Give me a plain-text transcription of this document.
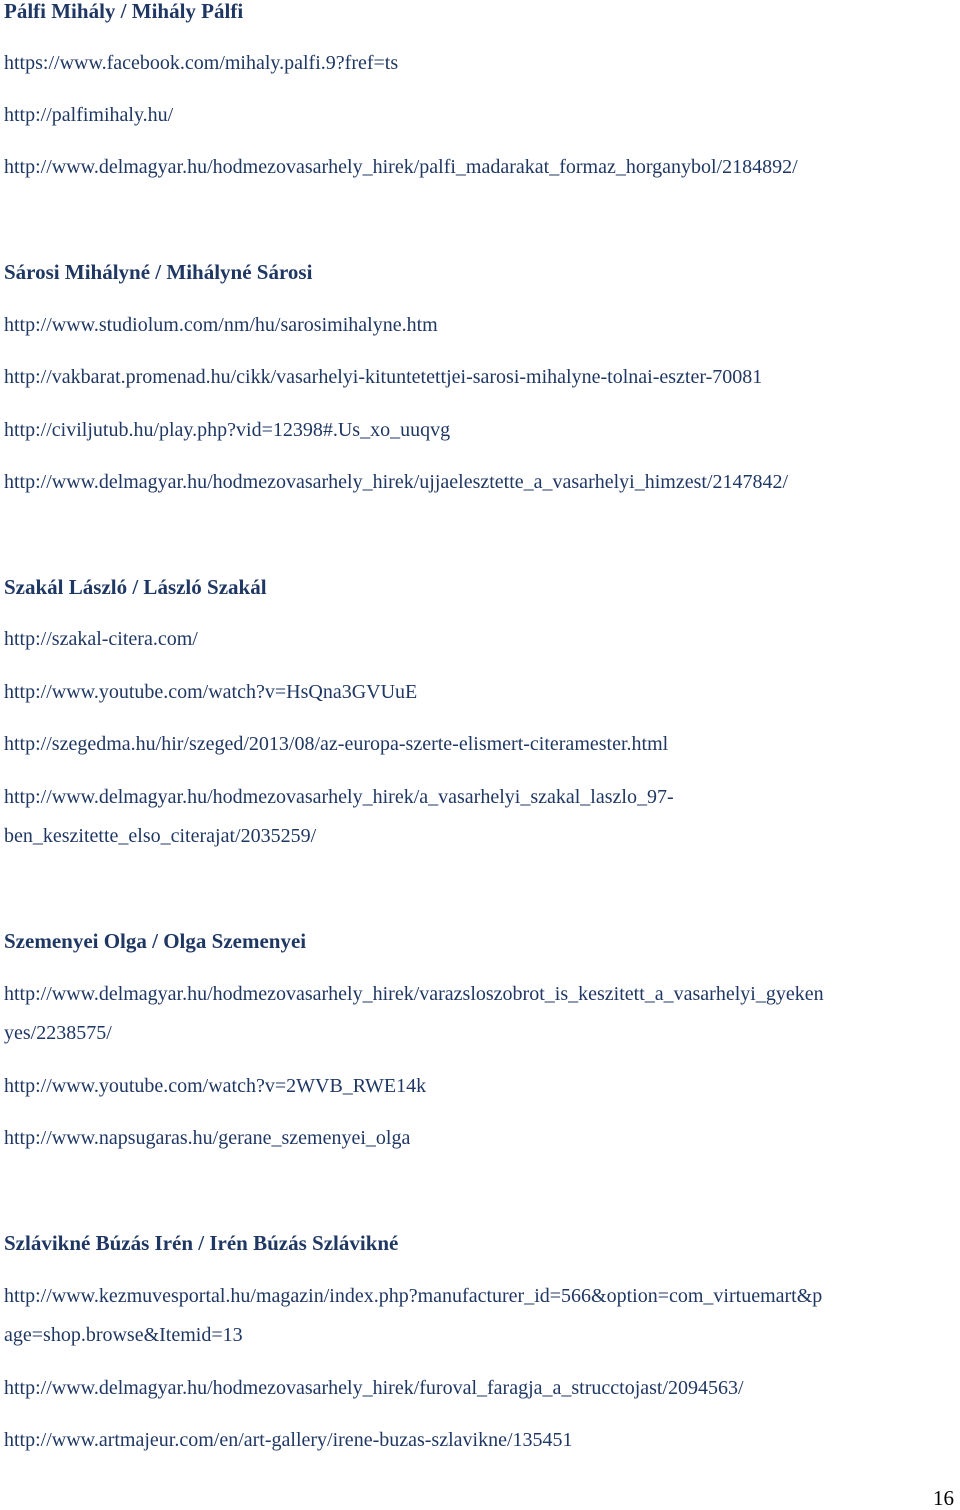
Pálfi Mihály / Mihály Pálfi
https://www.facebook.com/mihaly.palfi.9?fref=ts
http://palfimihaly.hu/
http://www.delmagyar.hu/hodmezovasarhely_hirek/palfi_madarakat_formaz_horganybol/2184892/
Sárosi Mihályné / Mihályné Sárosi
http://www.studiolum.com/nm/hu/sarosimihalyne.htm
http://vakbarat.promenad.hu/cikk/vasarhelyi-kituntetettjei-sarosi-mihalyne-tolnai-eszter-70081
http://civiljutub.hu/play.php?vid=12398#.Us_xo_uuqvg
http://www.delmagyar.hu/hodmezovasarhely_hirek/ujjaelesztette_a_vasarhelyi_himzest/2147842/
Szakál László / László Szakál
http://szakal-citera.com/
http://www.youtube.com/watch?v=HsQna3GVUuE
http://szegedma.hu/hir/szeged/2013/08/az-europa-szerte-elismert-citeramester.html
http://www.delmagyar.hu/hodmezovasarhely_hirek/a_vasarhelyi_szakal_laszlo_97-
ben_keszitette_elso_citerajat/2035259/
Szemenyei Olga / Olga Szemenyei
http://www.delmagyar.hu/hodmezovasarhely_hirek/varazsloszobrot_is_keszitett_a_vasarhelyi_gyeken
yes/2238575/
http://www.youtube.com/watch?v=2WVB_RWE14k
http://www.napsugaras.hu/gerane_szemenyei_olga
Szlávikné Búzás Irén / Irén Búzás Szlávikné
http://www.kezmuvesportal.hu/magazin/index.php?manufacturer_id=566&option=com_virtuemart&p
age=shop.browse&Itemid=13
http://www.delmagyar.hu/hodmezovasarhely_hirek/furoval_faragja_a_strucctojast/2094563/
http://www.artmajeur.com/en/art-gallery/irene-buzas-szlavikne/135451
16
